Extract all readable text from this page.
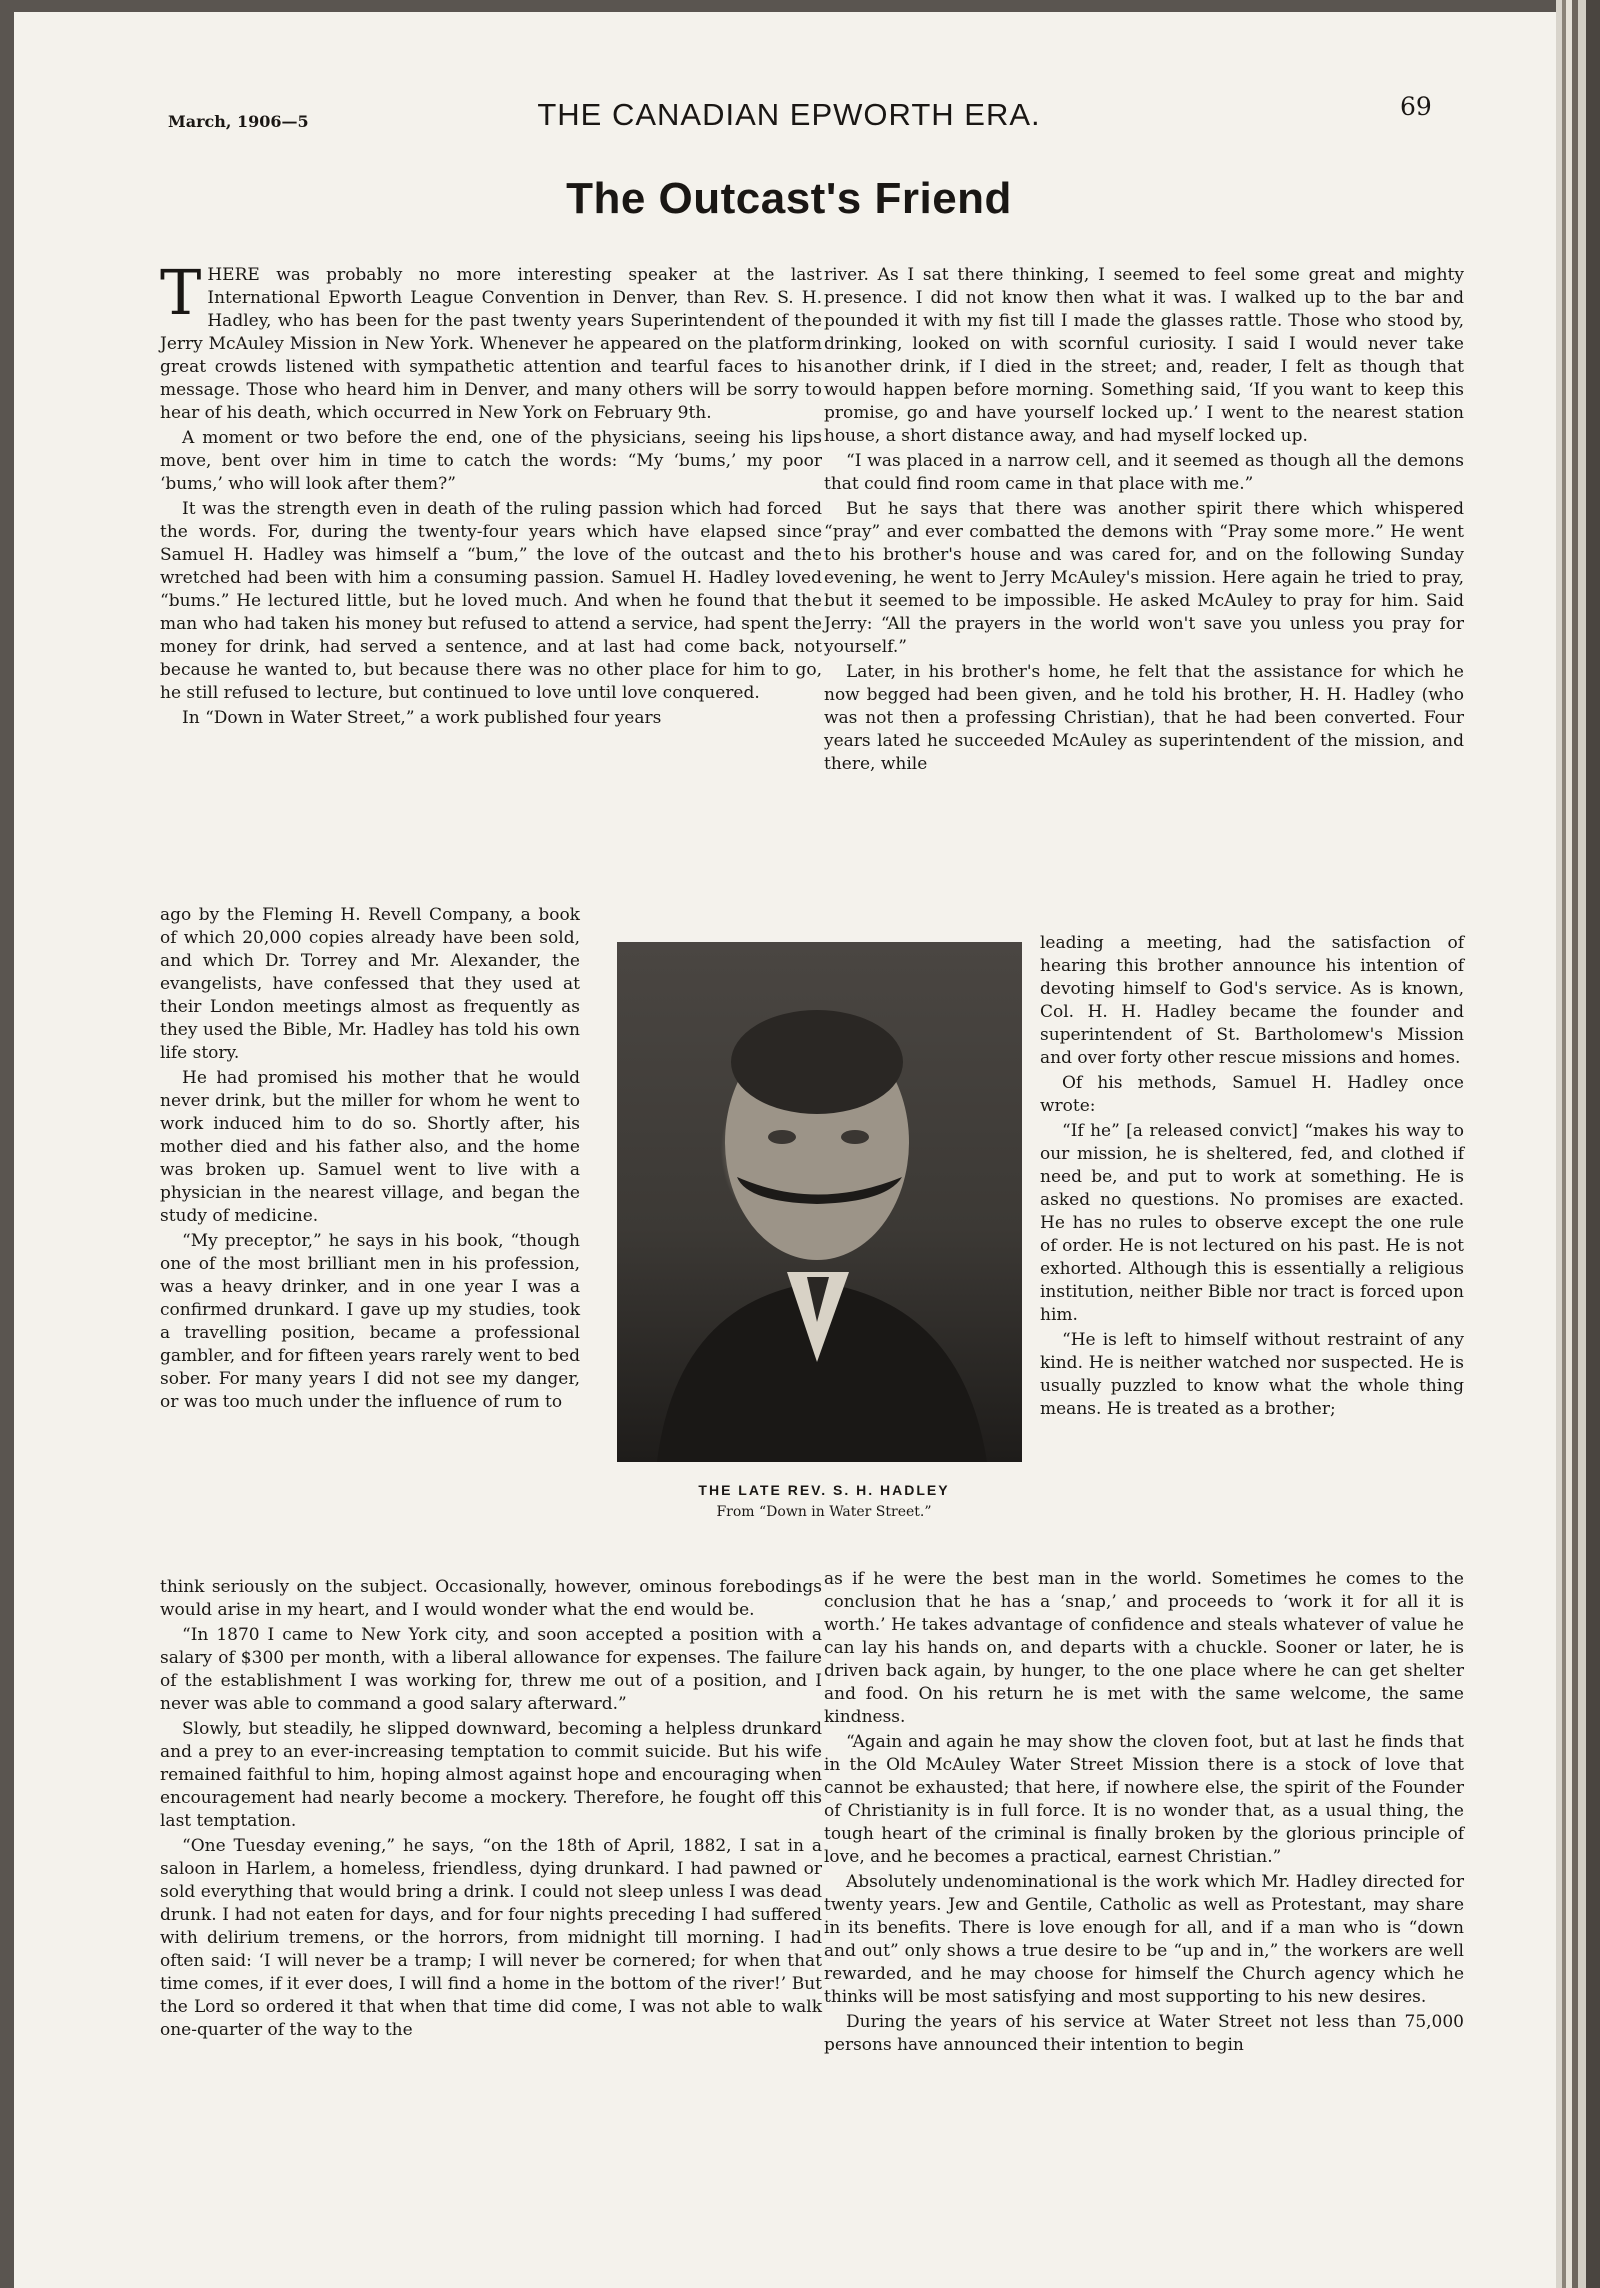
March, 1906—5	THE CANADIAN EPWORTH ERA.	69
The Outcast's Friend

THERE was probably no more interesting speaker at the last International Epworth League Convention in Denver, than Rev. S. H. Hadley, who has been for the past twenty years Superintendent of the Jerry McAuley Mission in New York. Whenever he appeared on the platform great crowds listened with sympathetic attention and tearful faces to his message. Those who heard him in Denver, and many others will be sorry to hear of his death, which occurred in New York on February 9th.

A moment or two before the end, one of the physicians, seeing his lips move, bent over him in time to catch the words: “My ‘bums,’ my poor ‘bums,’ who will look after them?”

It was the strength even in death of the ruling passion which had forced the words. For, during the twenty-four years which have elapsed since Samuel H. Hadley was himself a “bum,” the love of the outcast and the wretched had been with him a consuming passion. Samuel H. Hadley loved “bums.” He lectured little, but he loved much. And when he found that the man who had taken his money but refused to attend a service, had spent the money for drink, had served a sentence, and at last had come back, not because he wanted to, but because there was no other place for him to go, he still refused to lecture, but continued to love until love conquered.

In “Down in Water Street,” a work published four years

ago by the Fleming H. Revell Company, a book of which 20,000 copies already have been sold, and which Dr. Torrey and Mr. Alexander, the evangelists, have confessed that they used at their London meetings almost as frequently as they used the Bible, Mr. Hadley has told his own life story.

He had promised his mother that he would never drink, but the miller for whom he went to work induced him to do so. Shortly after, his mother died and his father also, and the home was broken up. Samuel went to live with a physician in the nearest village, and began the study of medicine.

“My preceptor,” he says in his book, “though one of the most brilliant men in his profession, was a heavy drinker, and in one year I was a confirmed drunkard. I gave up my studies, took a travelling position, became a professional gambler, and for fifteen years rarely went to bed sober. For many years I did not see my danger, or was too much under the influence of rum to

think seriously on the subject. Occasionally, however, ominous forebodings would arise in my heart, and I would wonder what the end would be.

“In 1870 I came to New York city, and soon accepted a position with a salary of $300 per month, with a liberal allowance for expenses. The failure of the establishment I was working for, threw me out of a position, and I never was able to command a good salary afterward.”

Slowly, but steadily, he slipped downward, becoming a helpless drunkard and a prey to an ever-increasing temptation to commit suicide. But his wife remained faithful to him, hoping almost against hope and encouraging when encouragement had nearly become a mockery. Therefore, he fought off this last temptation.

“One Tuesday evening,” he says, “on the 18th of April, 1882, I sat in a saloon in Harlem, a homeless, friendless, dying drunkard. I had pawned or sold everything that would bring a drink. I could not sleep unless I was dead drunk. I had not eaten for days, and for four nights preceding I had suffered with delirium tremens, or the horrors, from midnight till morning. I had often said: ‘I will never be a tramp; I will never be cornered; for when that time comes, if it ever does, I will find a home in the bottom of the river!’ But the Lord so ordered it that when that time did come, I was not able to walk one-quarter of the way to the

river. As I sat there thinking, I seemed to feel some great and mighty presence. I did not know then what it was. I walked up to the bar and pounded it with my fist till I made the glasses rattle. Those who stood by, drinking, looked on with scornful curiosity. I said I would never take another drink, if I died in the street; and, reader, I felt as though that would happen before morning. Something said, ‘If you want to keep this promise, go and have yourself locked up.’ I went to the nearest station house, a short distance away, and had myself locked up.

“I was placed in a narrow cell, and it seemed as though all the demons that could find room came in that place with me.”

But he says that there was another spirit there which whispered “pray” and ever combatted the demons with “Pray some more.” He went to his brother's house and was cared for, and on the following Sunday evening, he went to Jerry McAuley's mission. Here again he tried to pray, but it seemed to be impossible. He asked McAuley to pray for him. Said Jerry: “All the prayers in the world won't save you unless you pray for yourself.”

Later, in his brother's home, he felt that the assistance for which he now begged had been given, and he told his brother, H. H. Hadley (who was not then a professing Christian), that he had been converted. Four years lated he succeeded McAuley as superintendent of the mission, and there, while

leading a meeting, had the satisfaction of hearing this brother announce his intention of devoting himself to God's service. As is known, Col. H. H. Hadley became the founder and superintendent of St. Bartholomew's Mission and over forty other rescue missions and homes.

Of his methods, Samuel H. Hadley once wrote:

“If he” [a released convict] “makes his way to our mission, he is sheltered, fed, and clothed if need be, and put to work at something. He is asked no questions. No promises are exacted. He has no rules to observe except the one rule of order. He is not lectured on his past. He is not exhorted. Although this is essentially a religious institution, neither Bible nor tract is forced upon him.

“He is left to himself without restraint of any kind. He is neither watched nor suspected. He is usually puzzled to know what the whole thing means. He is treated as a brother;

as if he were the best man in the world. Sometimes he comes to the conclusion that he has a ‘snap,’ and proceeds to ‘work it for all it is worth.’ He takes advantage of confidence and steals whatever of value he can lay his hands on, and departs with a chuckle. Sooner or later, he is driven back again, by hunger, to the one place where he can get shelter and food. On his return he is met with the same welcome, the same kindness.

“Again and again he may show the cloven foot, but at last he finds that in the Old McAuley Water Street Mission there is a stock of love that cannot be exhausted; that here, if nowhere else, the spirit of the Founder of Christianity is in full force. It is no wonder that, as a usual thing, the tough heart of the criminal is finally broken by the glorious principle of love, and he becomes a practical, earnest Christian.”

Absolutely undenominational is the work which Mr. Hadley directed for twenty years. Jew and Gentile, Catholic as well as Protestant, may share in its benefits. There is love enough for all, and if a man who is “down and out” only shows a true desire to be “up and in,” the workers are well rewarded, and he may choose for himself the Church agency which he thinks will be most satisfying and most supporting to his new desires.

During the years of his service at Water Street not less than 75,000 persons have announced their intention to begin

THE LATE REV. S. H. HADLEY
From “Down in Water Street.”
